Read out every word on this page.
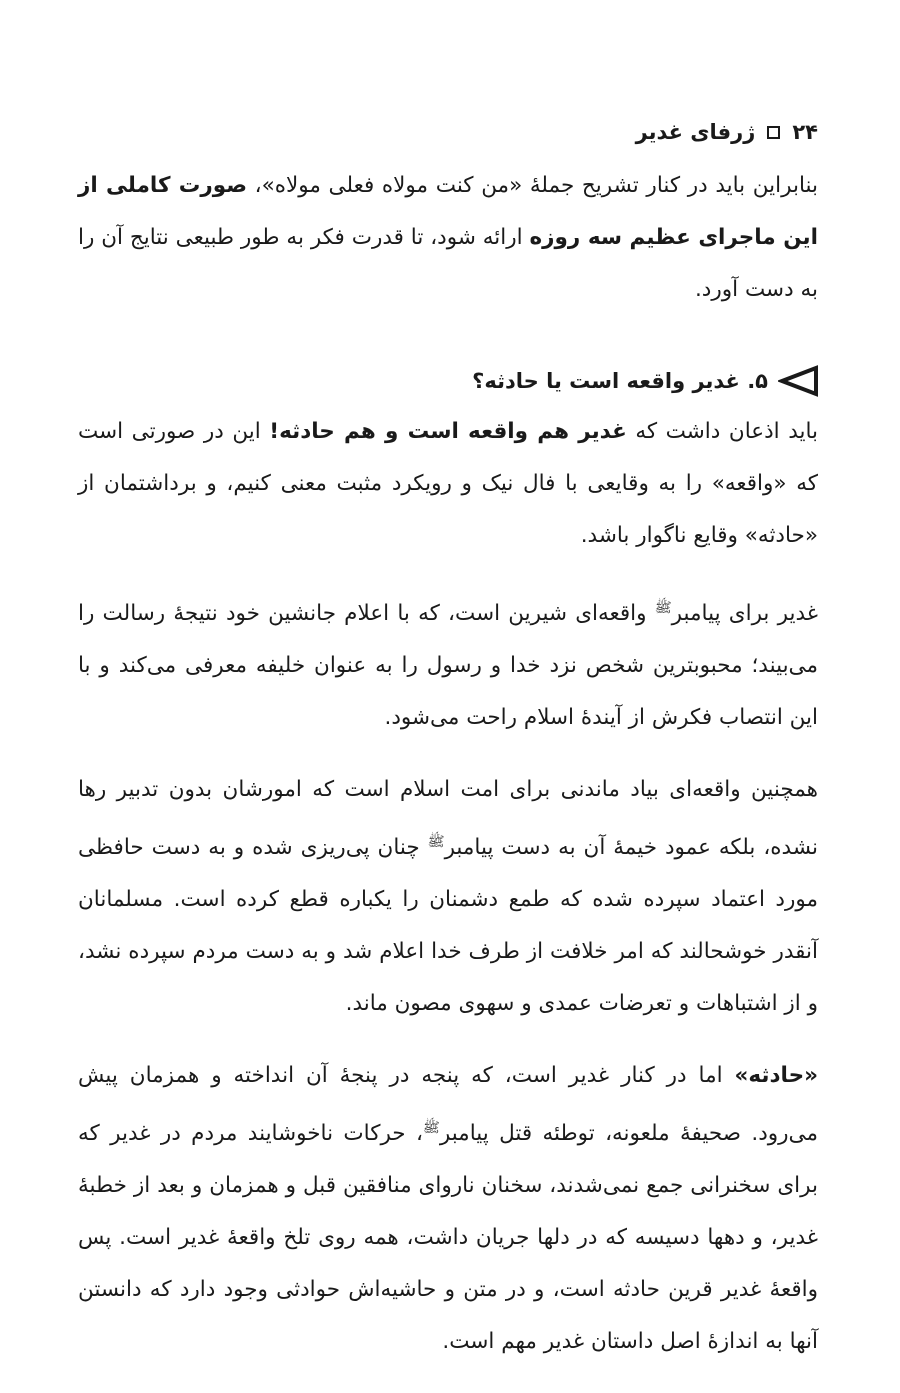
۲۴
ژرفای غدیر

بنابراین باید در کنار تشریح جملهٔ «من کنت مولاه فعلی مولاه»، صورت کاملی از این ماجرای عظیم سه روزه ارائه شود، تا قدرت فکر به طور طبیعی نتایج آن را به دست آورد.

۵. غدیر واقعه است یا حادثه؟

باید اذعان داشت که غدیر هم واقعه است و هم حادثه! این در صورتی است که «واقعه» را به وقایعی با فال نیک و رویکرد مثبت معنی کنیم، و برداشتمان از «حادثه» وقایع ناگوار باشد.

غدیر برای پیامبر$^ﷺ$ واقعه‌ای شیرین است، که با اعلام جانشین خود نتیجهٔ رسالت را می‌بیند؛ محبوبترین شخص نزد خدا و رسول را به عنوان خلیفه معرفی می‌کند و با این انتصاب فکرش از آیندهٔ اسلام راحت می‌شود.

همچنین واقعه‌ای بیاد ماندنی برای امت اسلام است که امورشان بدون تدبیر رها نشده، بلکه عمود خیمهٔ آن به دست پیامبر$^ﷺ$ چنان پی‌ریزی شده و به دست حافظی مورد اعتماد سپرده شده که طمع دشمنان را یکباره قطع کرده است. مسلمانان آنقدر خوشحالند که امر خلافت از طرف خدا اعلام شد و به دست مردم سپرده نشد، و از اشتباهات و تعرضات عمدی و سهوی مصون ماند.

«حادثه» اما در کنار غدیر است، که پنجه در پنجهٔ آن انداخته و همزمان پیش می‌رود. صحیفهٔ ملعونه، توطئه قتل پیامبر$^ﷺ$، حرکات ناخوشایند مردم در غدیر که برای سخنرانی جمع نمی‌شدند، سخنان ناروای منافقین قبل و همزمان و بعد از خطبهٔ غدیر، و دهها دسیسه که در دلها جریان داشت، همه روی تلخ واقعهٔ غدیر است. پس واقعهٔ غدیر قرین حادثه است، و در متن و حاشیه‌اش حوادثی وجود دارد که دانستن آنها به اندازهٔ اصل داستان غدیر مهم است.
